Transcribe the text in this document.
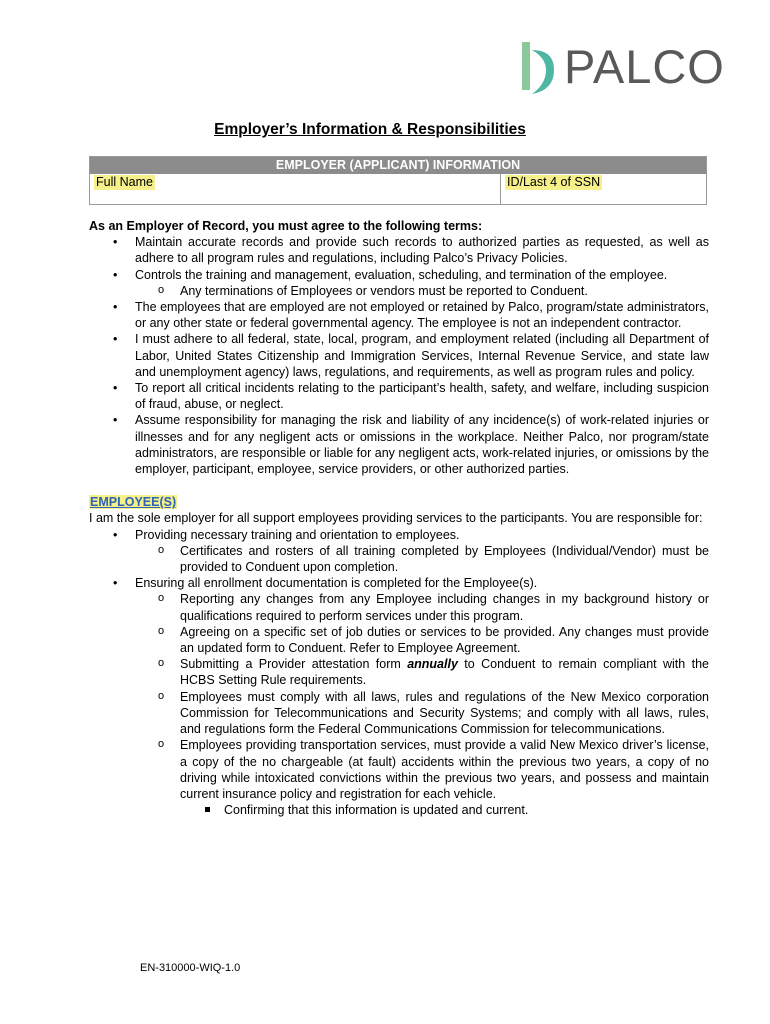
PALCO
Employer’s Information & Responsibilities
EMPLOYER (APPLICANT) INFORMATION
Full Name	ID/Last 4 of SSN

As an Employer of Record, you must agree to the following terms:

• Maintain accurate records and provide such records to authorized parties as requested, as well as adhere to all program rules and regulations, including Palco’s Privacy Policies.
• Controls the training and management, evaluation, scheduling, and termination of the employee.
o Any terminations of Employees or vendors must be reported to Conduent.
• The employees that are employed are not employed or retained by Palco, program/state administrators, or any other state or federal governmental agency. The employee is not an independent contractor.
• I must adhere to all federal, state, local, program, and employment related (including all Department of Labor, United States Citizenship and Immigration Services, Internal Revenue Service, and state law and unemployment agency) laws, regulations, and requirements, as well as program rules and policy.
• To report all critical incidents relating to the participant’s health, safety, and welfare, including suspicion of fraud, abuse, or neglect.
• Assume responsibility for managing the risk and liability of any incidence(s) of work-related injuries or illnesses and for any negligent acts or omissions in the workplace. Neither Palco, nor program/state administrators, are responsible or liable for any negligent acts, work-related injuries, or omissions by the employer, participant, employee, service providers, or other authorized parties.
EMPLOYEE(S)
I am the sole employer for all support employees providing services to the participants. You are responsible for:
• Providing necessary training and orientation to employees.
o Certificates and rosters of all training completed by Employees (Individual/Vendor) must be provided to Conduent upon completion.
• Ensuring all enrollment documentation is completed for the Employee(s).
o Reporting any changes from any Employee including changes in my background history or qualifications required to perform services under this program.
o Agreeing on a specific set of job duties or services to be provided. Any changes must provide an updated form to Conduent. Refer to Employee Agreement.
o Submitting a Provider attestation form annually to Conduent to remain compliant with the HCBS Setting Rule requirements.
o Employees must comply with all laws, rules and regulations of the New Mexico corporation Commission for Telecommunications and Security Systems; and comply with all laws, rules, and regulations form the Federal Communications Commission for telecommunications.
o Employees providing transportation services, must provide a valid New Mexico driver’s license, a copy of the no chargeable (at fault) accidents within the previous two years, a copy of no driving while intoxicated convictions within the previous two years, and possess and maintain current insurance policy and registration for each vehicle.
Confirming that this information is updated and current.
EN-310000-WIQ-1.0
